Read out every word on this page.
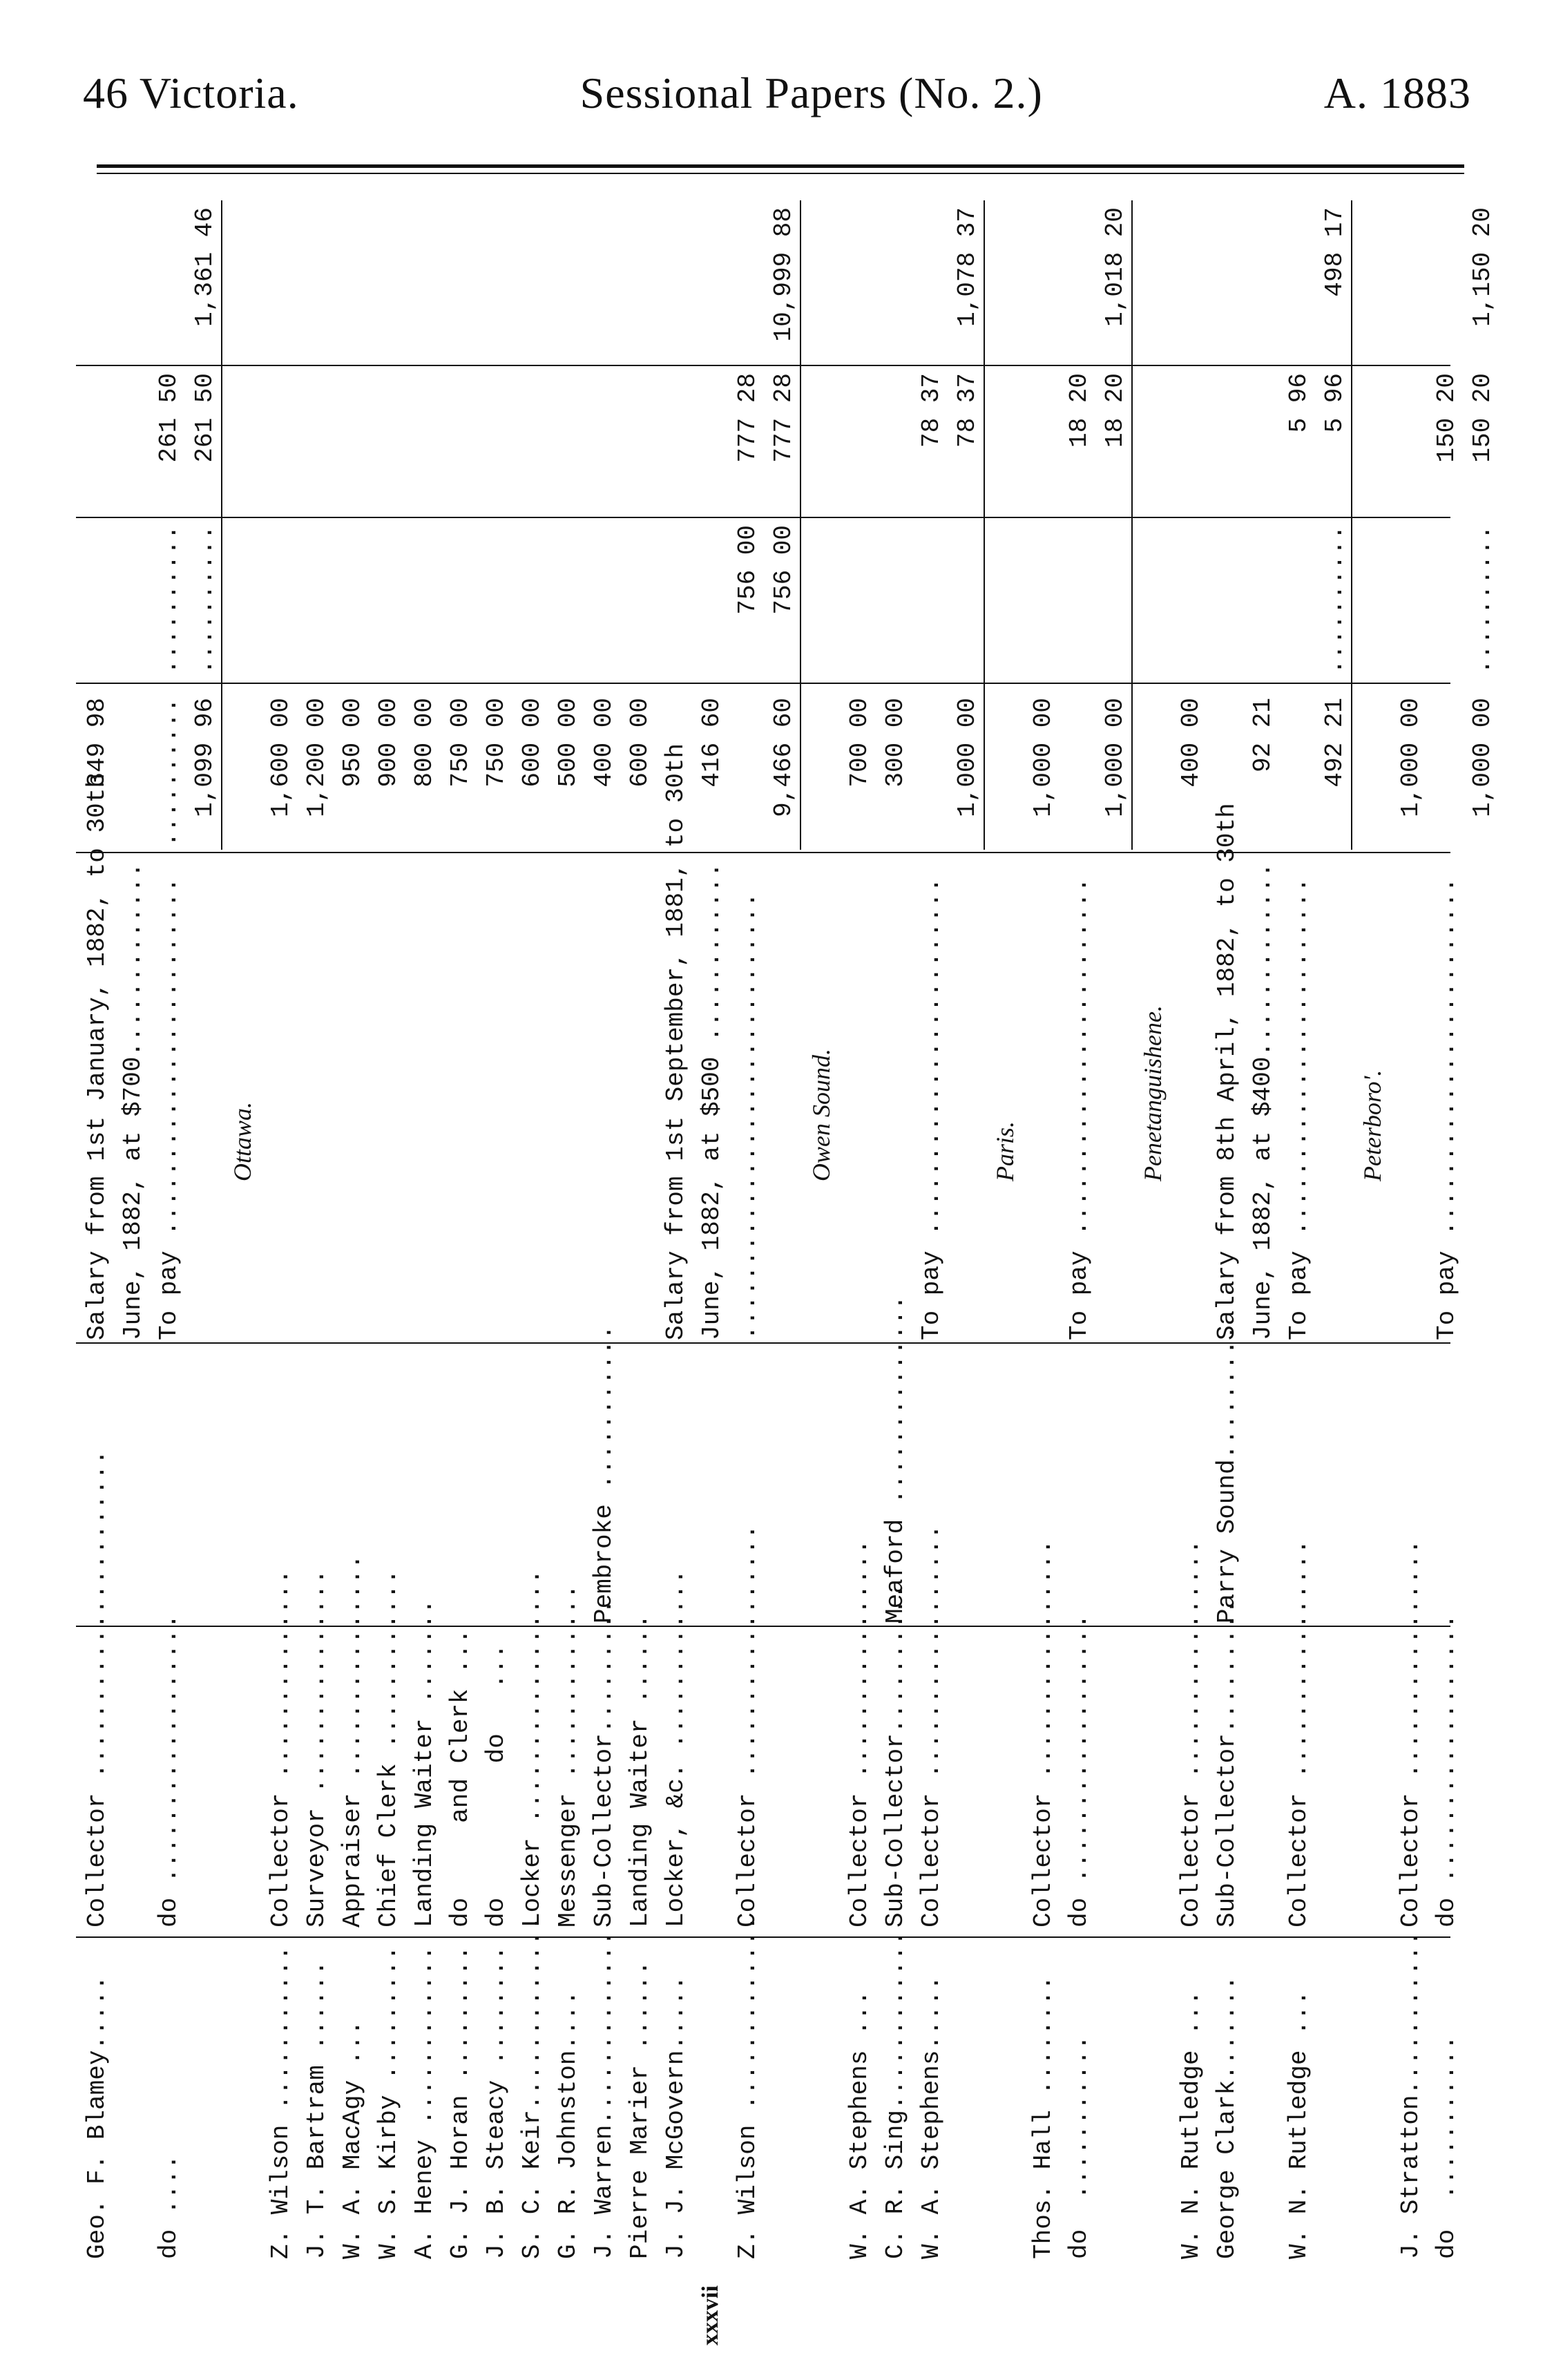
46 Victoria.	Sessional Papers (No. 2.)	A. 1883
Geo. F. Blamey.....
Collector ......................
Salary from 1st January, 1882, to 30th
349 98
June, 1882, at $700.............
do ....
do ..................
To pay ........................
..........
..........
261 50
1,099 96
..........
261 50
1,361 46
Ottawa.
Z. Wilson ...........
Collector ..............
1,600 00
J. T. Bartram ......
Surveyor ...............
1,200 00
W. A. MacAgy ...
Appraiser ...............
950 00
W. S. Kirby .........
Chief Clerk ............
900 00
A. Heney ............
Landing Waiter .......
800 00
G. J. Horan .........
do     and Clerk ...
750 00
J. B. Steacy ........
do         do   ...
750 00
S. C. Keir.............
Locker .................
600 00
G. R. Johnston....
Messenger .............
500 00
J. Warren.............
Sub-Collector.........
Pembroke ...........
400 00
Pierre Marier ......
Landing Waiter ......
600 00
J. J. McGovern.....
Locker, &c. ............
Salary from 1st September, 1881, to 30th June, 1882, at $500 ............
416 60
Z. Wilson .............
Collector .................
..............................
756 00
777 28
9,466 60
756 00
777 28
10,999 88
Owen Sound.
W. A. Stephens ...
Collector ................
700 00
C. R. Sing............
Sub-Collector..........
Meaford ..............
300 00
W. A. Stephens.....
Collector .................
To pay ........................
78 37
1,000 00
78 37
1,078 37
Paris.
Thos. Hall ........
Collector ................
1,000 00
do  ...........
do ..................
To pay ........................
18 20
1,000 00
18 20
1,018 20
Penetanguishene.
W. N. Rutledge ...
Collector ................
400 00
George Clark.......
Sub-Collector.........
Parry Sound.........
Salary from 8th April, 1882, to 30th June, 1882, at $400.............
92 21
W. N. Rutledge ...
Collector ................
To pay ........................
5 96
492 21
..........
5 96
498 17
Peterboro'.
J. Stratton...........
Collector ................
1,000 00
do  ...........
do ..................
To pay ........................
150 20
1,000 00
..........
150 20
1,150 20
xxxvii
